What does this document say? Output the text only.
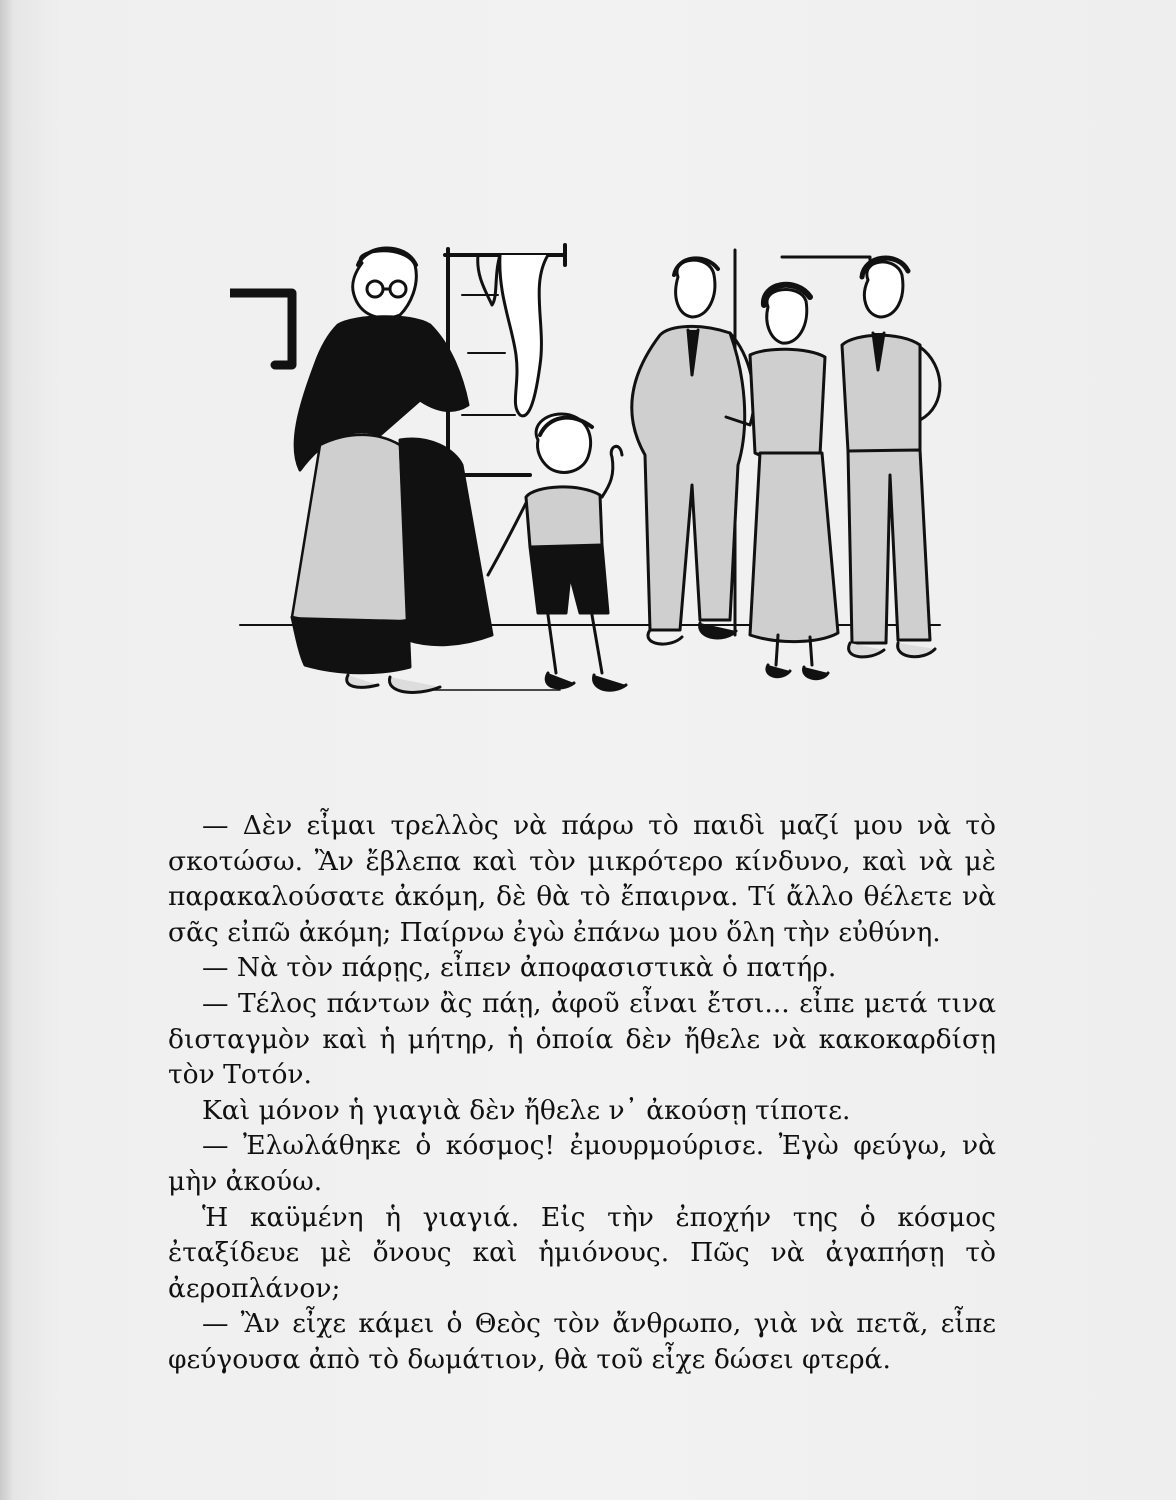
— Δὲν εἶμαι τρελλὸς νὰ πάρω τὸ παιδὶ μαζί μου νὰ τὸ σκοτώσω. Ἂν ἔβλεπα καὶ τὸν μικρότερο κίνδυνο, καὶ νὰ μὲ παρακαλούσατε ἀκόμη, δὲ θὰ τὸ ἔπαιρνα. Τί ἄλλο θέλετε νὰ σᾶς εἰπῶ ἀκόμη; Παίρνω ἐγὼ ἐπάνω μου ὅλη τὴν εὐθύνη.

— Νὰ τὸν πάρῃς, εἶπεν ἀποφασιστικὰ ὁ πατήρ.

— Τέλος πάντων ἂς πάῃ, ἀφοῦ εἶναι ἔτσι... εἶπε μετά τινα δισταγμὸν καὶ ἡ μήτηρ, ἡ ὁποία δὲν ἤθελε νὰ κακοκαρδίσῃ τὸν Τοτόν.

Καὶ μόνον ἡ γιαγιὰ δὲν ἤθελε ν᾽ ἀκούσῃ τίποτε.

— Ἐλωλάθηκε ὁ κόσμος! ἐμουρμούρισε. Ἐγὼ φεύγω, νὰ μὴν ἀκούω.

Ἡ καϋμένη ἡ γιαγιά. Εἰς τὴν ἐποχήν της ὁ κόσμος ἐταξίδευε μὲ ὄνους καὶ ἡμιόνους. Πῶς νὰ ἀγαπήσῃ τὸ ἀεροπλάνον;

— Ἂν εἶχε κάμει ὁ Θεὸς τὸν ἄνθρωπο, γιὰ νὰ πετᾶ, εἶπε φεύγουσα ἀπὸ τὸ δωμάτιον, θὰ τοῦ εἶχε δώσει φτερά.
